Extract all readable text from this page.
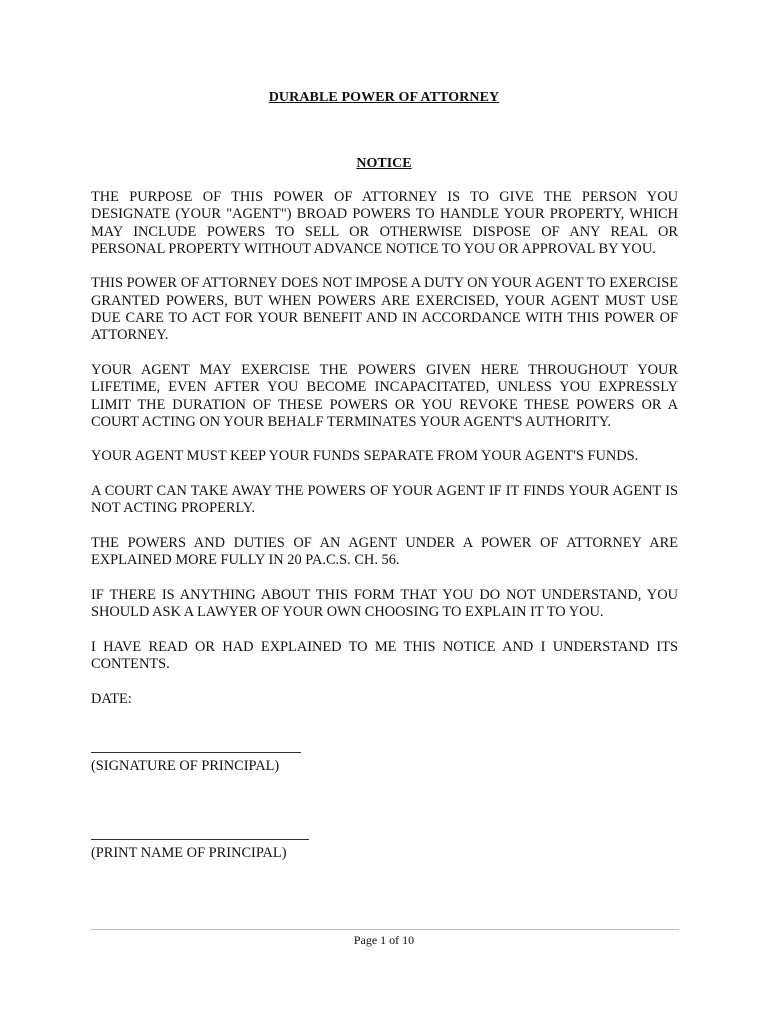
DURABLE POWER OF ATTORNEY
NOTICE

THE PURPOSE OF THIS POWER OF ATTORNEY IS TO GIVE THE PERSON YOU DESIGNATE (YOUR "AGENT") BROAD POWERS TO HANDLE YOUR PROPERTY, WHICH MAY INCLUDE POWERS TO SELL OR OTHERWISE DISPOSE OF ANY REAL OR PERSONAL PROPERTY WITHOUT ADVANCE NOTICE TO YOU OR APPROVAL BY YOU.

THIS POWER OF ATTORNEY DOES NOT IMPOSE A DUTY ON YOUR AGENT TO EXERCISE GRANTED POWERS, BUT WHEN POWERS ARE EXERCISED, YOUR AGENT MUST USE DUE CARE TO ACT FOR YOUR BENEFIT AND IN ACCORDANCE WITH THIS POWER OF ATTORNEY.

YOUR AGENT MAY EXERCISE THE POWERS GIVEN HERE THROUGHOUT YOUR LIFETIME, EVEN AFTER YOU BECOME INCAPACITATED, UNLESS YOU EXPRESSLY LIMIT THE DURATION OF THESE POWERS OR YOU REVOKE THESE POWERS OR A COURT ACTING ON YOUR BEHALF TERMINATES YOUR AGENT'S AUTHORITY.

YOUR AGENT MUST KEEP YOUR FUNDS SEPARATE FROM YOUR AGENT'S FUNDS.

A COURT CAN TAKE AWAY THE POWERS OF YOUR AGENT IF IT FINDS YOUR AGENT IS NOT ACTING PROPERLY.

THE POWERS AND DUTIES OF AN AGENT UNDER A POWER OF ATTORNEY ARE EXPLAINED MORE FULLY IN 20 PA.C.S. CH. 56.

IF THERE IS ANYTHING ABOUT THIS FORM THAT YOU DO NOT UNDERSTAND, YOU SHOULD ASK A LAWYER OF YOUR OWN CHOOSING TO EXPLAIN IT TO YOU.

I HAVE READ OR HAD EXPLAINED TO ME THIS NOTICE AND I UNDERSTAND ITS CONTENTS.

DATE:

(SIGNATURE OF PRINCIPAL)
(PRINT NAME OF PRINCIPAL)
Page 1 of 10
